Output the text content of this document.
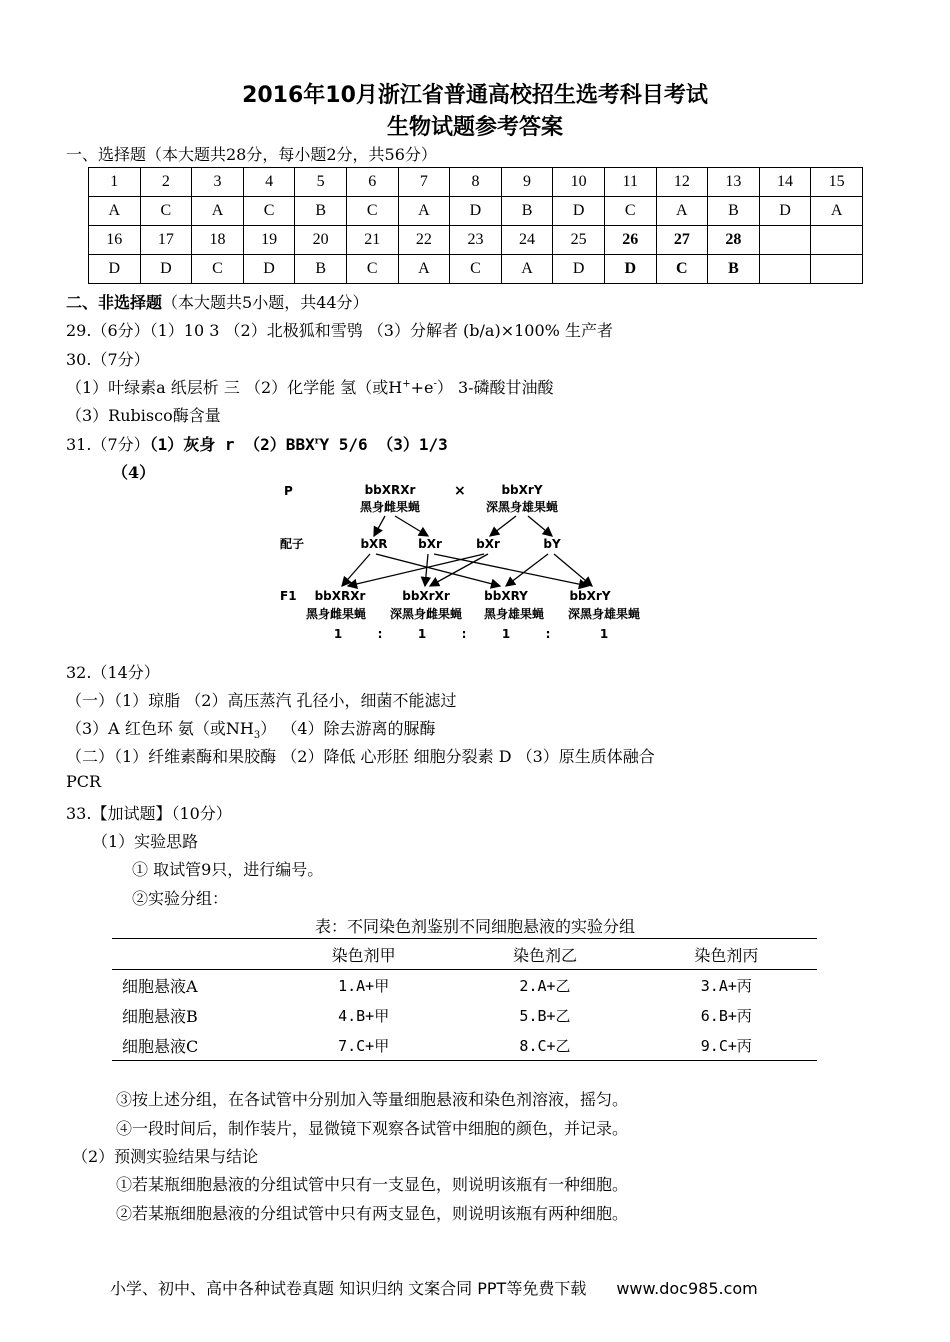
2016年10月浙江省普通高校招生选考科目考试
生物试题参考答案
一、选择题（本大题共28分，每小题2分，共56分）
1	2	3	4	5	6	7	8	9	10	11	12	13	14	15
A	C	A	C	B	C	A	D	B	D	C	A	B	D	A
16	17	18	19	20	21	22	23	24	25	26	27	28		
D	D	C	D	B	C	A	C	A	D	D	C	B		
二、非选择题（本大题共5小题，共44分）
29.（6分）（1）10 3 （2）北极狐和雪鸮 （3）分解者 (b/a)×100% 生产者
30.（7分）
（1）叶绿素a 纸层析 三 （2）化学能 氢（或H++e-） 3-磷酸甘油酸
（3）Rubisco酶含量
31.（7分）（1）灰身 r （2）BBX$^r$Y 5/6 （3）1/3
（4）
P
配子
F1
×
bbXRXr
黑身雌果蝇
bbXrY
深黑身雄果蝇
bXR	bXr	bXr	bY
bbXRXr	bbXrXr	bbXRY	bbXrY
黑身雌果蝇 深黑身雌果蝇 黑身雄果蝇 深黑身雄果蝇
1	:	1	:	1	:	1
32.（14分）
（一）（1）琼脂 （2）高压蒸汽 孔径小，细菌不能滤过
（3）A 红色环 氨（或$NH_3$） （4）除去游离的脲酶
（二）（1）纤维素酶和果胶酶 （2）降低 心形胚 细胞分裂素 D （3）原生质体融合
PCR
33.【加试题】（10分）
（1）实验思路
① 取试管9只，进行编号。
②实验分组：
表：不同染色剂鉴别不同细胞悬液的实验分组
	染色剂甲	染色剂乙	染色剂丙
细胞悬液A	1.A+甲	2.A+乙	3.A+丙
细胞悬液B	4.B+甲	5.B+乙	6.B+丙
细胞悬液C	7.C+甲	8.C+乙	9.C+丙
③按上述分组，在各试管中分别加入等量细胞悬液和染色剂溶液，摇匀。
④一段时间后，制作装片，显微镜下观察各试管中细胞的颜色，并记录。
（2）预测实验结果与结论
①若某瓶细胞悬液的分组试管中只有一支显色，则说明该瓶有一种细胞。
②若某瓶细胞悬液的分组试管中只有两支显色，则说明该瓶有两种细胞。
小学、初中、高中各种试卷真题 知识归纳 文案合同 PPT等免费下载 www.doc985.com
